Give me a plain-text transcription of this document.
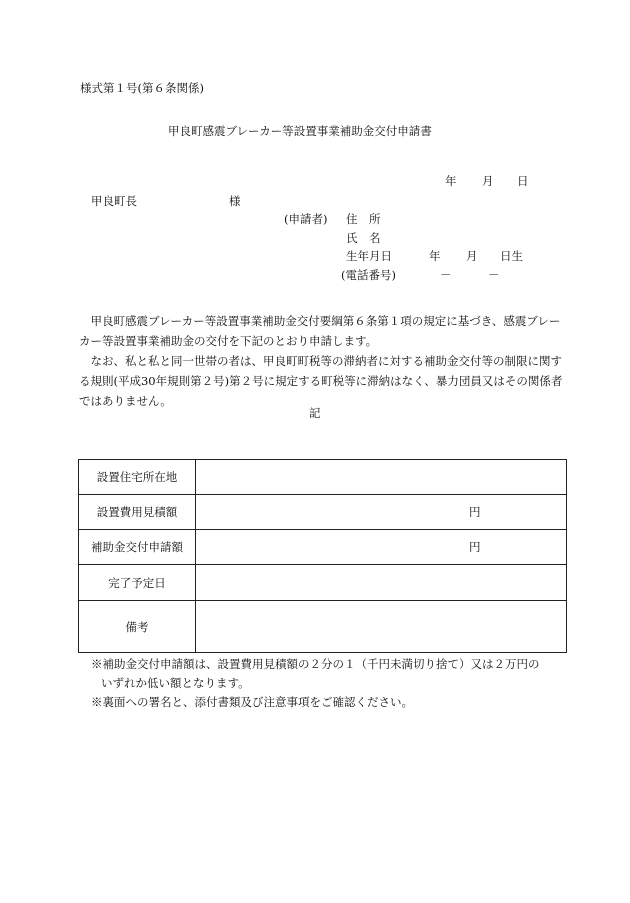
様式第１号(第６条関係)
甲良町感震ブレーカー等設置事業補助金交付申請書
年 月 日
甲良町長	様
(申請者) 住　所
氏　名
生年月日	年 月 日生
(電話番号)	－	－

甲良町感震ブレーカー等設置事業補助金交付要綱第６条第１項の規定に基づき、感震ブレーカー等設置事業補助金の交付を下記のとおり申請します。

なお、私と私と同一世帯の者は、甲良町町税等の滞納者に対する補助金交付等の制限に関する規則(平成30年規則第２号)第２号に規定する町税等に滞納はなく、暴力団員又はその関係者ではありません。

記
設置住宅所在地	

設置費用見積額	円

補助金交付申請額	円

完了予定日	

備考	

※補助金交付申請額は、設置費用見積額の２分の１（千円未満切り捨て）又は２万円の

いずれか低い額となります。

※裏面への署名と、添付書類及び注意事項をご確認ください。
